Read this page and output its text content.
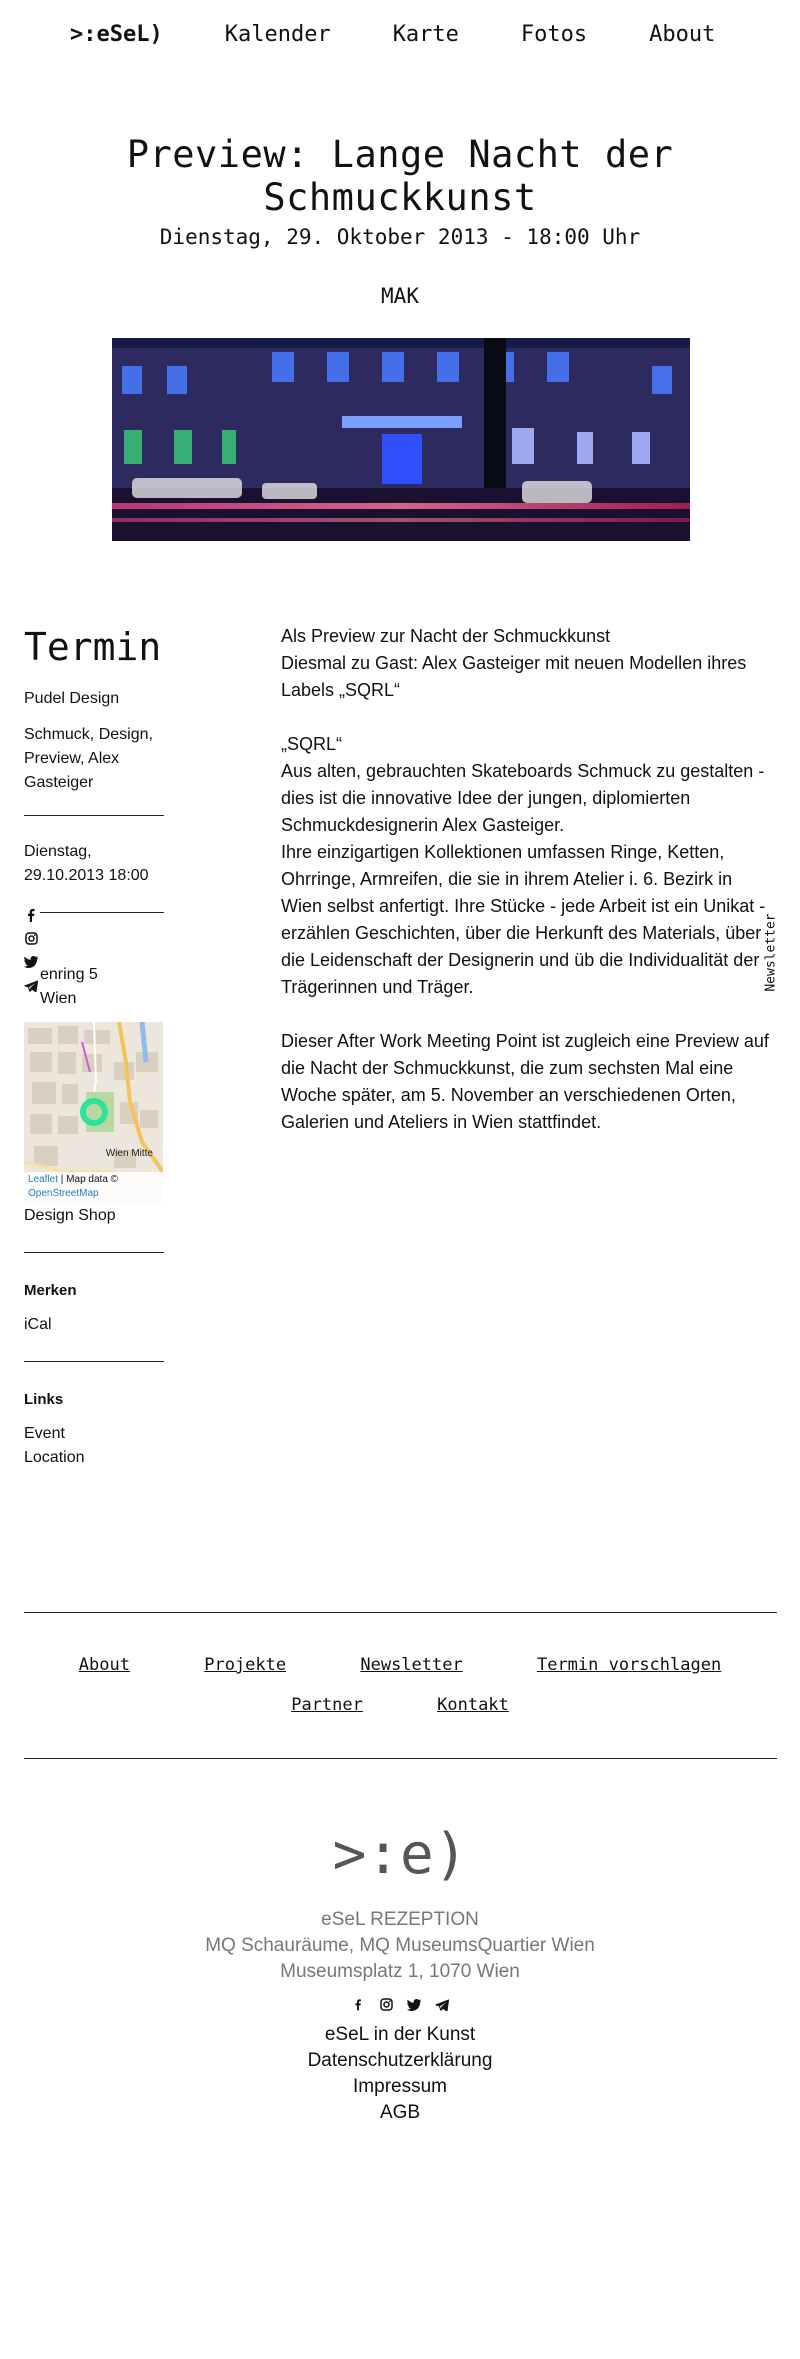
>:eSeL)	Kalender	Karte	Fotos	About
Preview: Lange Nacht der Schmuckkunst
Dienstag, 29. Oktober 2013 - 18:00 Uhr
MAK
Termin
Pudel Design
Schmuck, Design, Preview, Alex Gasteiger
Dienstag, 29.10.2013 18:00
enring 5
Wien
Wien Mitte
Leaflet | Map data ©
OpenStreetMap
Design Shop
Merken
iCal
Links
Event
Location

Als Preview zur Nacht der Schmuckkunst
Diesmal zu Gast: Alex Gasteiger mit neuen Modellen ihres Labels „SQRL“

„SQRL“
Aus alten, gebrauchten Skateboards Schmuck zu gestalten - dies ist die innovative Idee der jungen, diplomierten Schmuckdesignerin Alex Gasteiger.
Ihre einzigartigen Kollektionen umfassen Ringe, Ketten, Ohrringe, Armreifen, die sie in ihrem Atelier i. 6. Bezirk in Wien selbst anfertigt. Ihre Stücke - jede Arbeit ist ein Unikat - erzählen Geschichten, über die Herkunft des Materials, über die Leidenschaft der Designerin und üb die Individualität der Trägerinnen und Träger.

Dieser After Work Meeting Point ist zugleich eine Preview auf die Nacht der Schmuckkunst, die zum sechsten Mal eine Woche später, am 5. November an verschiedenen Orten, Galerien und Ateliers in Wien stattfindet.

Newsletter
About	Projekte	Newsletter	Termin vorschlagen
Partner	Kontakt
>:e)
eSeL REZEPTION
MQ Schauräume, MQ MuseumsQuartier Wien
Museumsplatz 1, 1070 Wien

eSeL in der Kunst
Datenschutzerklärung
Impressum
AGB
